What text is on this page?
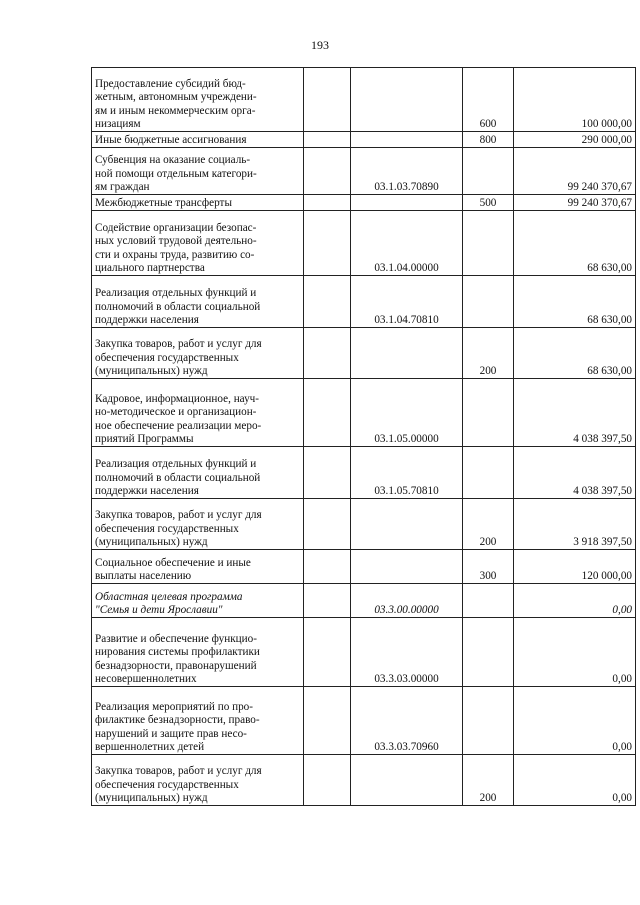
193
Предоставление субсидий бюд-
жетным, автономным учреждени-
ям и иным некоммерческим орга-
низациям			600	100 000,00
Иные бюджетные ассигнования			800	290 000,00
Субвенция на оказание социаль-
ной помощи отдельным категори-
ям граждан		03.1.03.70890		99 240 370,67
Межбюджетные трансферты			500	99 240 370,67
Содействие организации безопас-
ных условий трудовой деятельно-
сти и охраны труда, развитию со-
циального партнерства		03.1.04.00000		68 630,00
Реализация отдельных функций и
полномочий в области социальной
поддержки населения		03.1.04.70810		68 630,00
Закупка товаров, работ и услуг для
обеспечения государственных
(муниципальных) нужд			200	68 630,00
Кадровое, информационное, науч-
но-методическое и организацион-
ное обеспечение реализации меро-
приятий Программы		03.1.05.00000		4 038 397,50
Реализация отдельных функций и
полномочий в области социальной
поддержки населения		03.1.05.70810		4 038 397,50
Закупка товаров, работ и услуг для
обеспечения государственных
(муниципальных) нужд			200	3 918 397,50
Социальное обеспечение и иные
выплаты населению			300	120 000,00
Областная целевая программа
"Семья и дети Ярославии"		03.3.00.00000		0,00
Развитие и обеспечение функцио-
нирования системы профилактики
безнадзорности, правонарушений
несовершеннолетних		03.3.03.00000		0,00
Реализация мероприятий по про-
филактике безнадзорности, право-
нарушений и защите прав несо-
вершеннолетних детей		03.3.03.70960		0,00
Закупка товаров, работ и услуг для
обеспечения государственных
(муниципальных) нужд			200	0,00
